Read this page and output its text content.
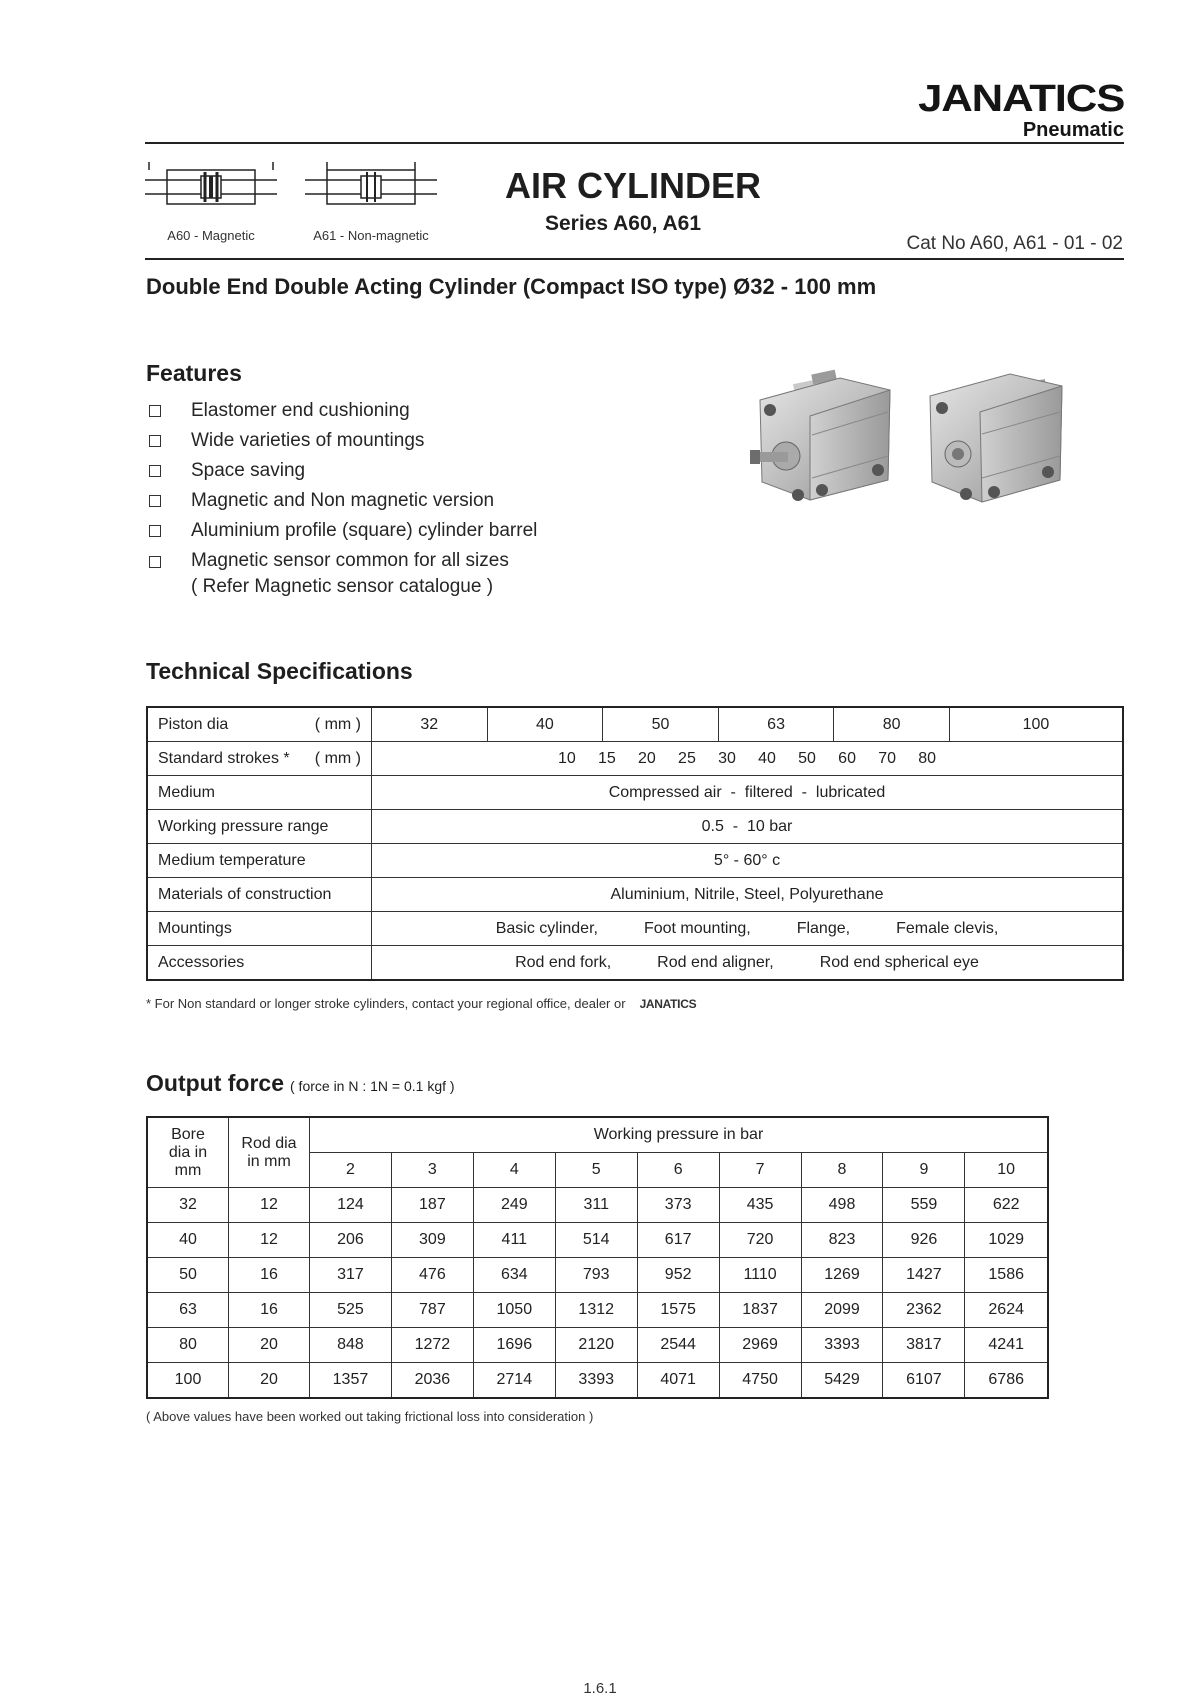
JANATICS
Pneumatic
A60 - Magnetic	A61 - Non-magnetic
AIR CYLINDER
Series A60, A61
Cat No A60, A61 - 01 - 02
Double End Double Acting Cylinder (Compact ISO type) Ø32 - 100 mm
Features
Elastomer end cushioning
Wide varieties of mountings
Space saving
Magnetic and Non magnetic version
Aluminium profile (square) cylinder barrel
Magnetic sensor common for all sizes
( Refer Magnetic sensor catalogue )
Technical Specifications
Piston dia ( mm )	32	40	50	63	80	100

Standard strokes * ( mm )	10 15 20 25 30 40 50 60 70 80					
Medium	Compressed air  -  filtered  -  lubricated					
Working pressure range	0.5  -  10 bar					
Medium temperature	5° - 60° c					
Materials of construction	Aluminium, Nitrile, Steel, Polyurethane					
Mountings	Basic cylinder, Foot mounting, Flange, Female clevis,					
Accessories	Rod end fork, Rod end aligner, Rod end spherical eye					
* For Non standard or longer stroke cylinders, contact your regional office, dealer or JANATICS
Output force ( force in N : 1N = 0.1 kgf )
Bore
dia in
mm	Rod dia
in mm	Working pressure in bar								
		2	3	4	5	6	7	8	9	10
32	12	124	187	249	311	373	435	498	559	622
40	12	206	309	411	514	617	720	823	926	1029
50	16	317	476	634	793	952	1110	1269	1427	1586
63	16	525	787	1050	1312	1575	1837	2099	2362	2624
80	20	848	1272	1696	2120	2544	2969	3393	3817	4241
100	20	1357	2036	2714	3393	4071	4750	5429	6107	6786
( Above values have been worked out taking frictional loss into consideration )
1.6.1
